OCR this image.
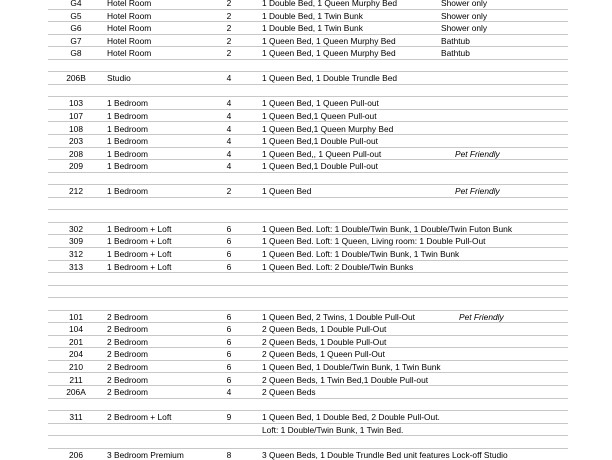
G4	Hotel Room	2	1 Double Bed, 1 Queen Murphy Bed	Shower only
G5	Hotel Room	2	1 Double Bed, 1 Twin Bunk	Shower only
G6	Hotel Room	2	1 Double Bed, 1 Twin Bunk	Shower only
G7	Hotel Room	2	1 Queen Bed, 1 Queen Murphy Bed	Bathtub
G8	Hotel Room	2	1 Queen Bed, 1 Queen Murphy Bed	Bathtub
206B	Studio	4	1 Queen Bed, 1 Double Trundle Bed
103	1 Bedroom	4	1 Queen Bed, 1 Queen Pull-out
107	1 Bedroom	4	1 Queen Bed,1 Queen Pull-out
108	1 Bedroom	4	1 Queen Bed,1 Queen Murphy Bed
203	1 Bedroom	4	1 Queen Bed,1 Double Pull-out
208	1 Bedroom	4	1 Queen Bed,, 1 Queen Pull-out	Pet Friendly
209	1 Bedroom	4	1 Queen Bed,1 Double Pull-out
212	1 Bedroom	2	1 Queen Bed	Pet Friendly
302	1 Bedroom + Loft	6	1 Queen Bed. Loft: 1 Double/Twin Bunk, 1 Double/Twin Futon Bunk
309	1 Bedroom + Loft	6	1 Queen Bed. Loft: 1 Queen, Living room: 1 Double Pull-Out
312	1 Bedroom + Loft	6	1 Queen Bed. Loft: 1 Double/Twin Bunk, 1 Twin Bunk
313	1 Bedroom + Loft	6	1 Queen Bed. Loft: 2 Double/Twin Bunks
101	2 Bedroom	6	1 Queen Bed, 2 Twins, 1 Double Pull-Out	Pet Friendly
104	2 Bedroom	6	2 Queen Beds, 1 Double Pull-Out
201	2 Bedroom	6	2 Queen Beds, 1 Double Pull-Out
204	2 Bedroom	6	2 Queen Beds, 1 Queen Pull-Out
210	2 Bedroom	6	1 Queen Bed, 1 Double/Twin Bunk, 1 Twin Bunk
211	2 Bedroom	6	2 Queen Beds, 1 Twin Bed,1 Double Pull-out
206A	2 Bedroom	4	2 Queen Beds
311	2 Bedroom + Loft	9	1 Queen Bed, 1 Double Bed, 2 Double Pull-Out.
Loft: 1 Double/Twin Bunk, 1 Twin Bed.
206	3 Bedroom Premium	8	3 Queen Beds, 1 Double Trundle Bed unit features Lock-off Studio
